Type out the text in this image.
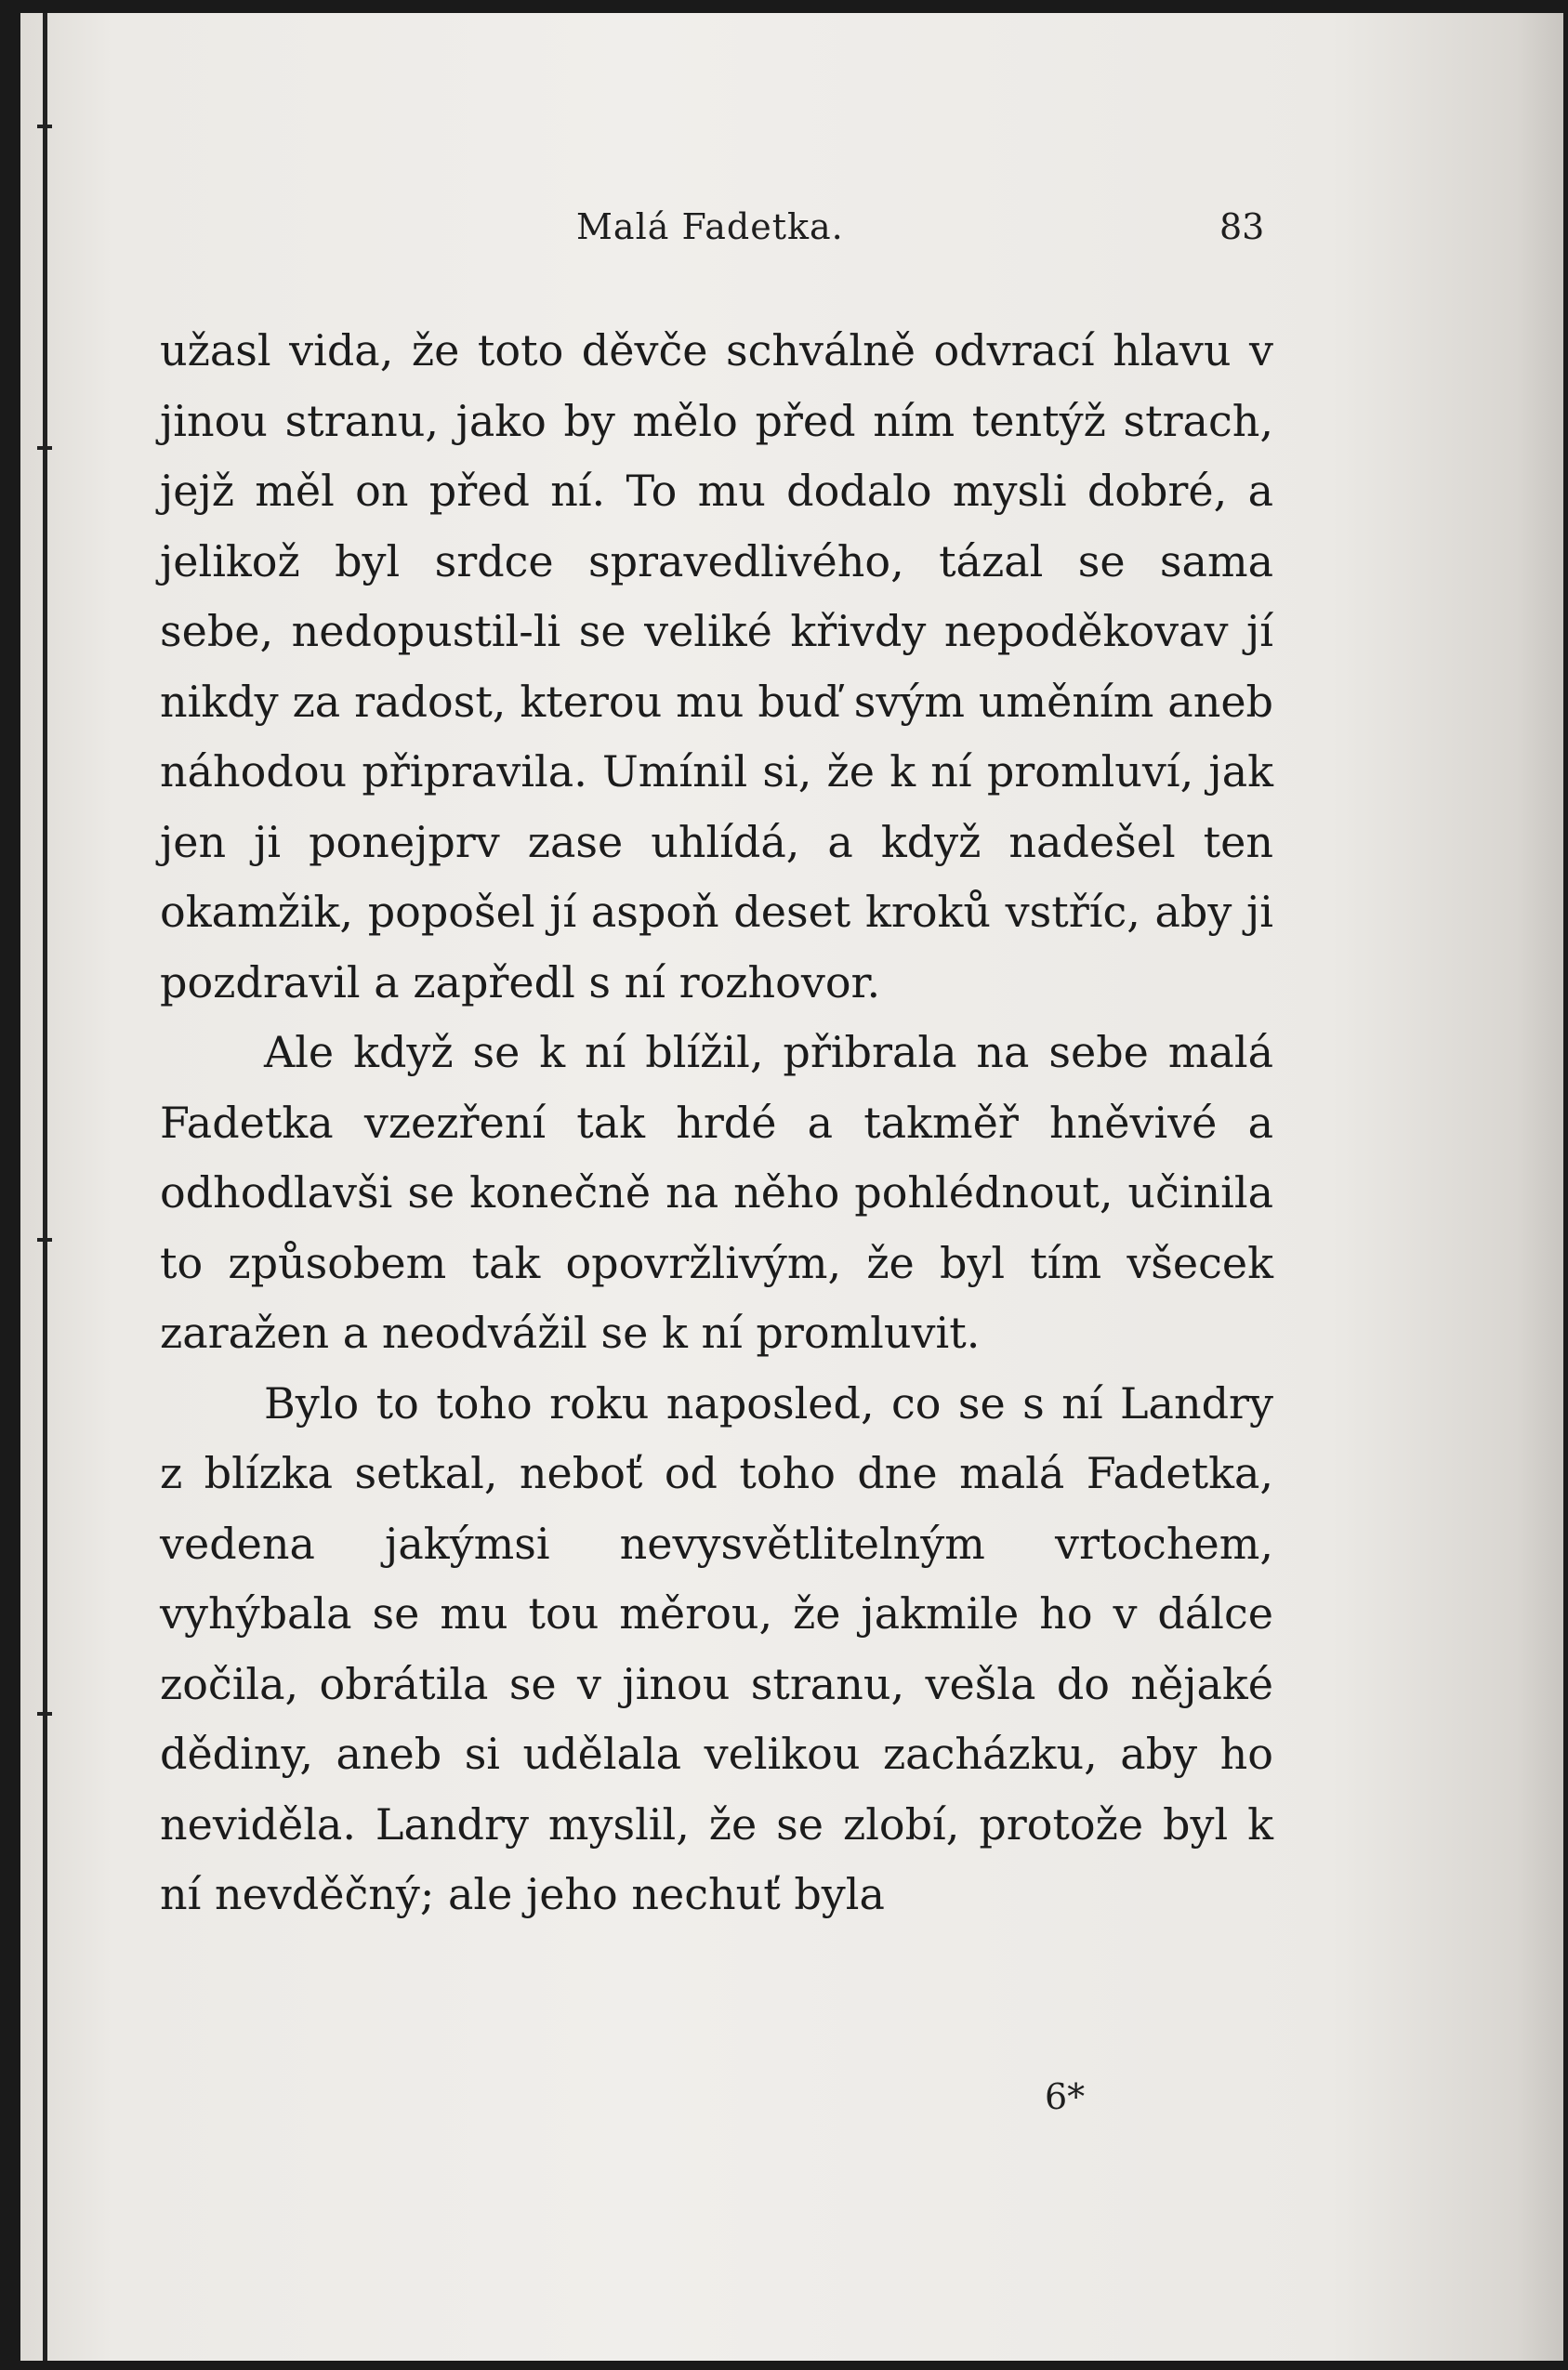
Malá Fadetka.	83

užasl vida, že toto děvče schválně odvrací hlavu v jinou stranu, jako by mělo před ním tentýž strach, jejž měl on před ní. To mu dodalo mysli dobré, a jelikož byl srdce spravedlivého, tázal se sama sebe, nedopustil-li se veliké křivdy nepoděkovav jí nikdy za radost, kterou mu buď svým uměním aneb náhodou připravila. Umínil si, že k ní promluví, jak jen ji ponejprv zase uhlídá, a když nadešel ten okamžik, popošel jí aspoň deset kroků vstříc, aby ji pozdravil a zapředl s ní rozhovor.

Ale když se k ní blížil, přibrala na sebe malá Fadetka vzezření tak hrdé a takměř hněvivé a odhodlavši se konečně na něho pohlédnout, učinila to způsobem tak opovržlivým, že byl tím všecek zaražen a neodvážil se k ní promluvit.

Bylo to toho roku naposled, co se s ní Landry z blízka setkal, neboť od toho dne malá Fadetka, vedena jakýmsi nevysvětlitelným vrtochem, vyhýbala se mu tou měrou, že jakmile ho v dálce zočila, obrátila se v jinou stranu, vešla do nějaké dědiny, aneb si udělala velikou zacházku, aby ho neviděla. Landry myslil, že se zlobí, protože byl k ní nevděčný; ale jeho nechuť byla

6*
